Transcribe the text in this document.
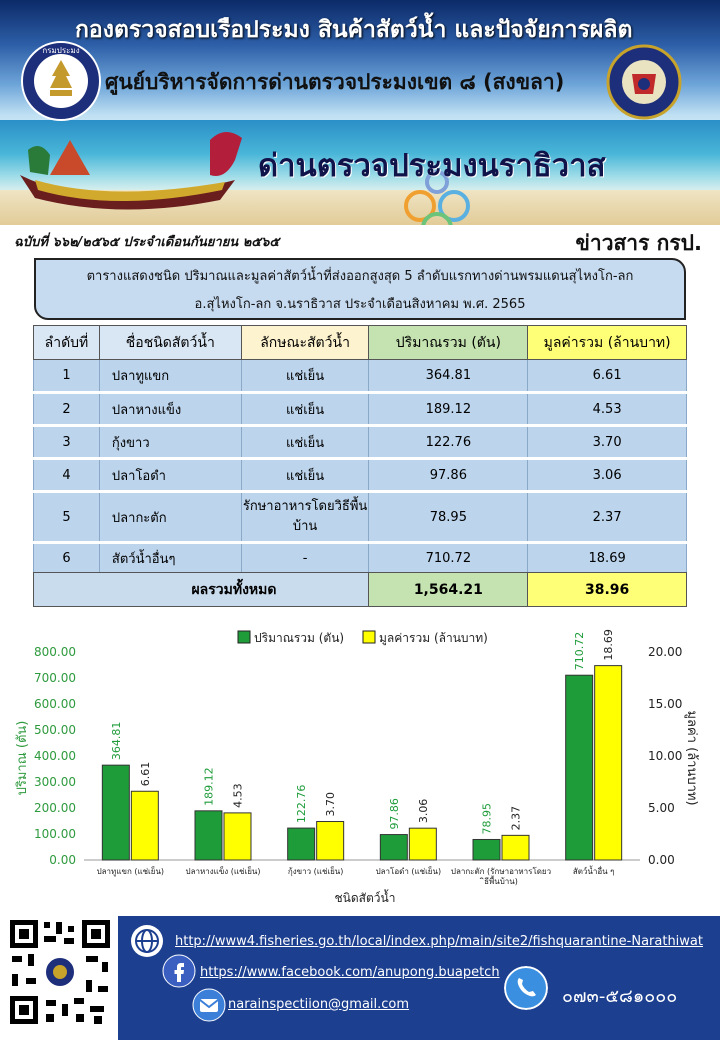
กรมประมง
กองตรวจสอบเรือประมง สินค้าสัตว์น้ำ และปัจจัยการผลิต
ศูนย์บริหารจัดการด่านตรวจประมงเขต ๘ (สงขลา)
ด่านตรวจประมงนราธิวาส
ฉบับที่ ๖๖๒/๒๕๖๕ ประจำเดือนกันยายน ๒๕๖๕	ข่าวสาร กรป.
ตารางแสดงชนิด ปริมาณและมูลค่าสัตว์น้ำที่ส่งออกสูงสุด 5 ลำดับแรกทางด่านพรมแดนสุไหงโก-ลก
อ.สุไหงโก-ลก จ.นราธิวาส ประจำเดือนสิงหาคม พ.ศ. 2565
ลำดับที่	ชื่อชนิดสัตว์น้ำ	ลักษณะสัตว์น้ำ	ปริมาณรวม (ตัน)	มูลค่ารวม (ล้านบาท)
1	ปลาทูแขก	แช่เย็น	364.81	6.61
2	ปลาหางแข็ง	แช่เย็น	189.12	4.53
3	กุ้งขาว	แช่เย็น	122.76	3.70
4	ปลาโอดำ	แช่เย็น	97.86	3.06
5	ปลากะตัก	รักษาอาหารโดยวิธีพื้นบ้าน	78.95	2.37
6	สัตว์น้ำอื่นๆ	-	710.72	18.69
ผลรวมทั้งหมด			1,564.21	38.96
ปริมาณรวม (ตัน)	มูลค่ารวม (ล้านบาท)
0.00
100.00
200.00
300.00
400.00
500.00
600.00
700.00
800.00
0.00
5.00
10.00
15.00
20.00
ปลาทูแขก (แช่เย็น)	ปลาหางแข็ง (แช่เย็น)	กุ้งขาว (แช่เย็น)	ปลาโอดำ (แช่เย็น) ปลากะตัก (รักษาอาหารโดยวิธีพื้นบ้าน)
สัตว์น้ำอื่น ๆ
364.81
6.61	189.12 4.53	122.76 3.70	97.86 3.06	78.95 2.37
710.72 18.69
ชนิดสัตว์น้ำ
ปริมาณ (ตัน)	มูลค่า (ล้านบาท)
http://www4.fisheries.go.th/local/index.php/main/site2/fishquarantine-Narathiwat
https://www.facebook.com/anupong.buapetch
narainspectiion@gmail.com	๐๗๓-๕๘๑๐๐๐
